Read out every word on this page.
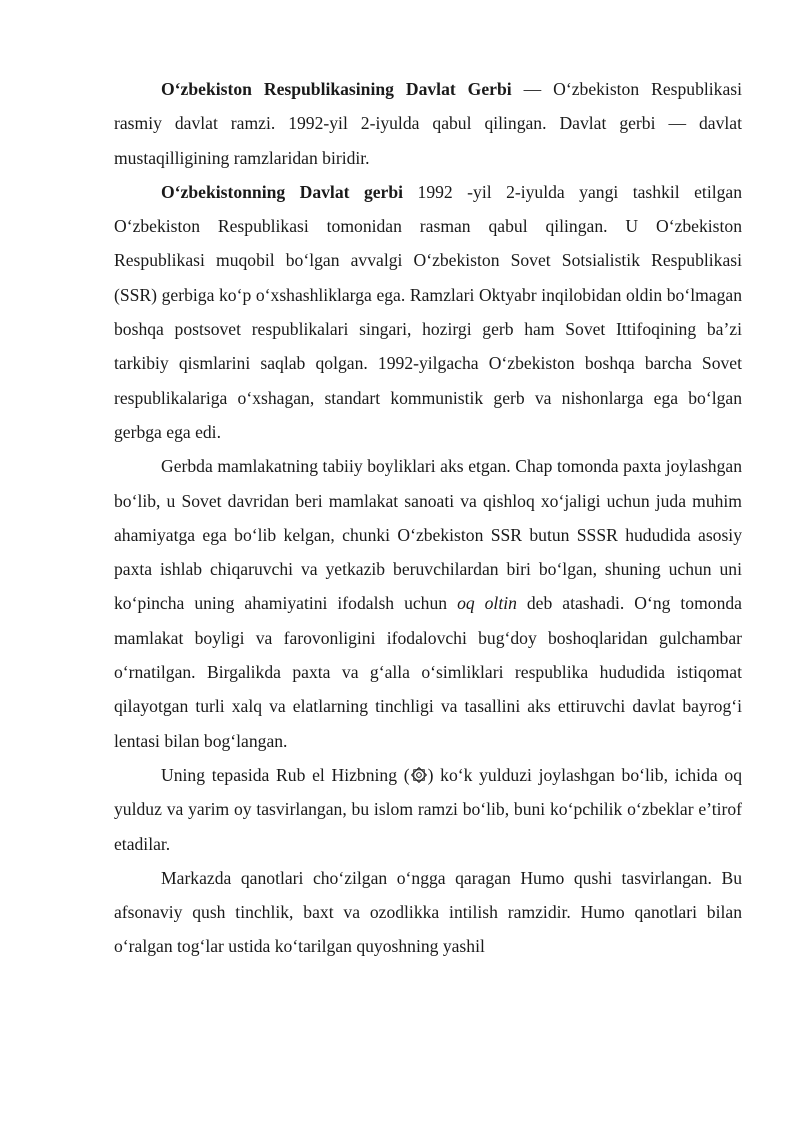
O‘zbekiston Respublikasining Davlat Gerbi — O‘zbekiston Respublikasi rasmiy davlat ramzi. 1992-yil 2-iyulda qabul qilingan. Davlat gerbi — davlat mustaqilligining ramzlaridan biridir.

O‘zbekistonning Davlat gerbi 1992 -yil 2-iyulda yangi tashkil etilgan O‘zbekiston Respublikasi tomonidan rasman qabul qilingan. U O‘zbekiston Respublikasi muqobil bo‘lgan avvalgi O‘zbekiston Sovet Sotsialistik Respublikasi (SSR) gerbiga ko‘p o‘xshashliklarga ega. Ramzlari Oktyabr inqilobidan oldin bo‘lmagan boshqa postsovet respublikalari singari, hozirgi gerb ham Sovet Ittifoqining ba’zi tarkibiy qismlarini saqlab qolgan. 1992-yilgacha O‘zbekiston boshqa barcha Sovet respublikalariga o‘xshagan, standart kommunistik gerb va nishonlarga ega bo‘lgan gerbga ega edi.

Gerbda mamlakatning tabiiy boyliklari aks etgan. Chap tomonda paxta joylashgan bo‘lib, u Sovet davridan beri mamlakat sanoati va qishloq xo‘jaligi uchun juda muhim ahamiyatga ega bo‘lib kelgan, chunki O‘zbekiston SSR butun SSSR hududida asosiy paxta ishlab chiqaruvchi va yetkazib beruvchilardan biri bo‘lgan, shuning uchun uni ko‘pincha uning ahamiyatini ifodalsh uchun oq oltin deb atashadi. O‘ng tomonda mamlakat boyligi va farovonligini ifodalovchi bug‘doy boshoqlaridan gulchambar o‘rnatilgan. Birgalikda paxta va g‘alla o‘simliklari respublika hududida istiqomat qilayotgan turli xalq va elatlarning tinchligi va tasallini aks ettiruvchi davlat bayrog‘i lentasi bilan bog‘langan.

Uning tepasida Rub el Hizbning ( ) ko‘k yulduzi joylashgan bo‘lib, ichida oq yulduz va yarim oy tasvirlangan, bu islom ramzi bo‘lib, buni ko‘pchilik o‘zbeklar e’tirof etadilar.

Markazda qanotlari cho‘zilgan o‘ngga qaragan Humo qushi tasvirlangan. Bu afsonaviy qush tinchlik, baxt va ozodlikka intilish ramzidir. Humo qanotlari bilan o‘ralgan tog‘lar ustida ko‘tarilgan quyoshning yashil
